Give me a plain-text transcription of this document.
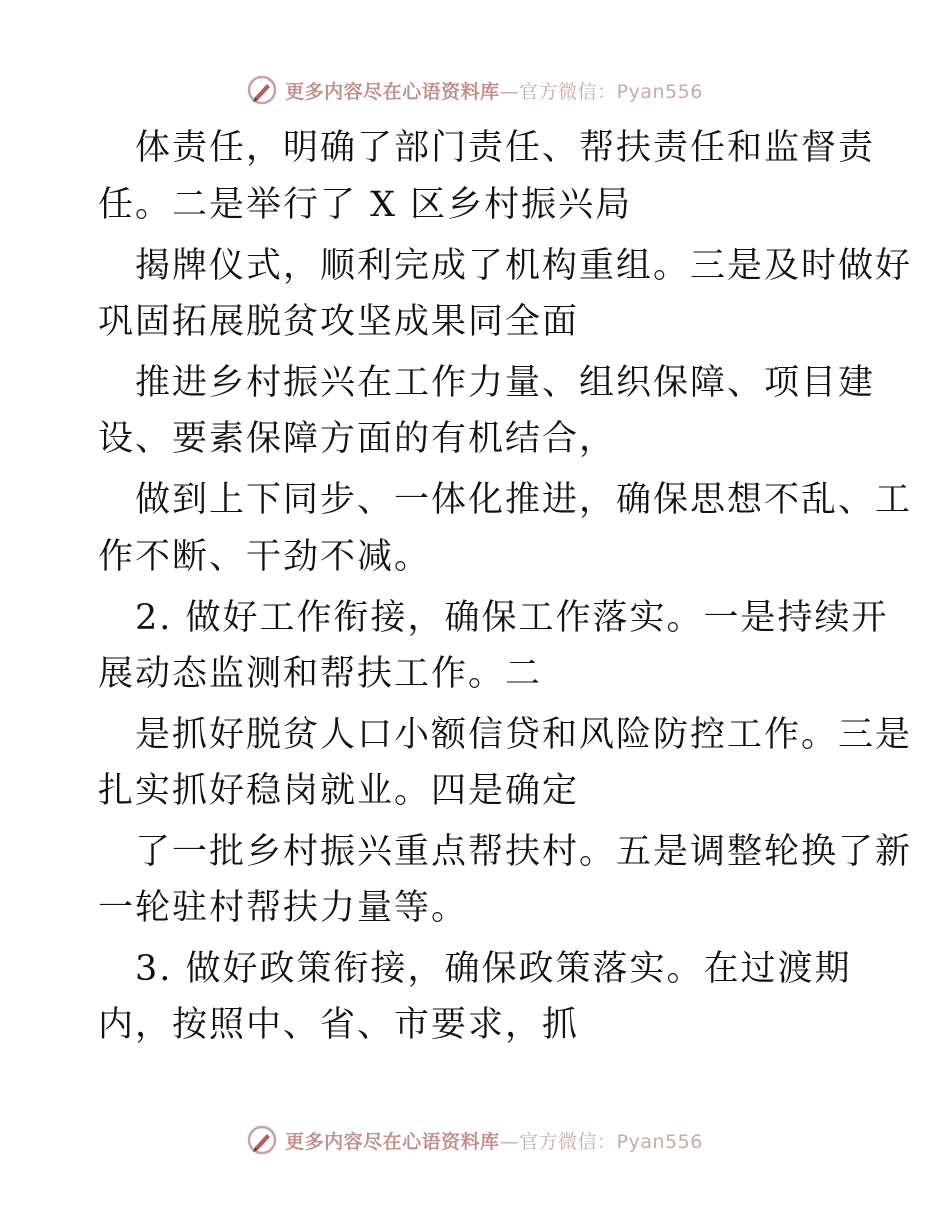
更多内容尽在心语资料库—官方微信：Pyan556
体责任，明确了部门责任、帮扶责任和监督责
任。二是举行了 X 区乡村振兴局
揭牌仪式，顺利完成了机构重组。三是及时做好
巩固拓展脱贫攻坚成果同全面
推进乡村振兴在工作力量、组织保障、项目建
设、要素保障方面的有机结合，
做到上下同步、一体化推进，确保思想不乱、工
作不断、干劲不减。
2. 做好工作衔接，确保工作落实。一是持续开
展动态监测和帮扶工作。二
是抓好脱贫人口小额信贷和风险防控工作。三是
扎实抓好稳岗就业。四是确定
了一批乡村振兴重点帮扶村。五是调整轮换了新
一轮驻村帮扶力量等。
3. 做好政策衔接，确保政策落实。在过渡期
内，按照中、省、市要求，抓
更多内容尽在心语资料库—官方微信：Pyan556
